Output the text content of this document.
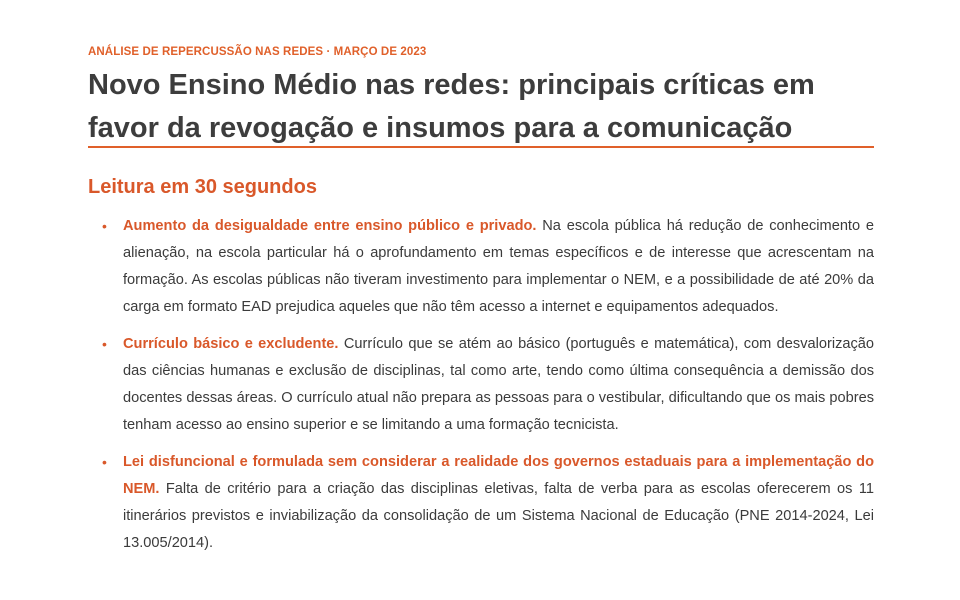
ANÁLISE DE REPERCUSSÃO NAS REDES · MARÇO DE 2023
Novo Ensino Médio nas redes: principais críticas em favor da revogação e insumos para a comunicação
Leitura em 30 segundos
• Aumento da desigualdade entre ensino público e privado. Na escola pública há redução de conhecimento e alienação, na escola particular há o aprofundamento em temas específicos e de interesse que acrescentam na formação. As escolas públicas não tiveram investimento para implementar o NEM, e a possibilidade de até 20% da carga em formato EAD prejudica aqueles que não têm acesso a internet e equipamentos adequados.
• Currículo básico e excludente. Currículo que se atém ao básico (português e matemática), com desvalorização das ciências humanas e exclusão de disciplinas, tal como arte, tendo como última consequência a demissão dos docentes dessas áreas. O currículo atual não prepara as pessoas para o vestibular, dificultando que os mais pobres tenham acesso ao ensino superior e se limitando a uma formação tecnicista.
• Lei disfuncional e formulada sem considerar a realidade dos governos estaduais para a implementação do NEM. Falta de critério para a criação das disciplinas eletivas, falta de verba para as escolas oferecerem os 11 itinerários previstos e inviabilização da consolidação de um Sistema Nacional de Educação (PNE 2014-2024, Lei 13.005/2014).
